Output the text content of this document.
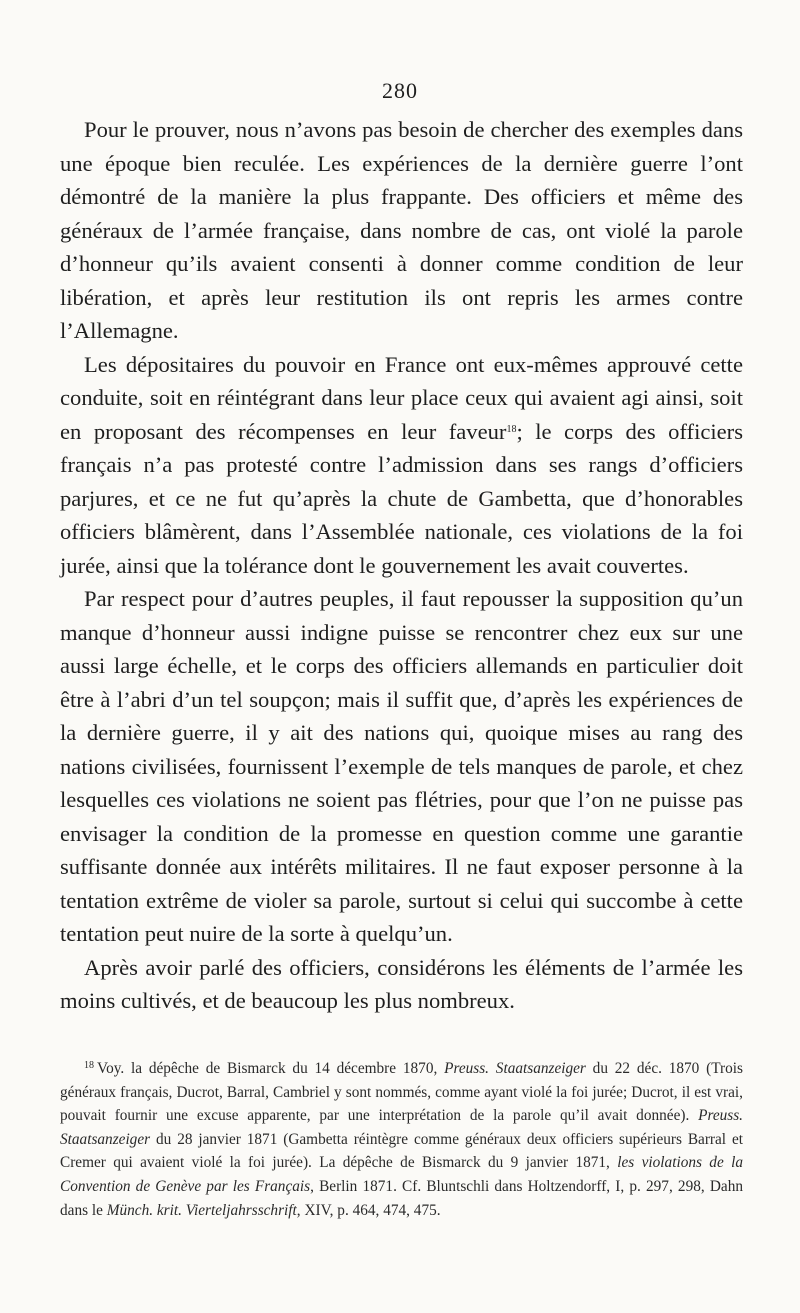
280

Pour le prouver, nous n’avons pas besoin de chercher des exemples dans une époque bien reculée. Les expériences de la dernière guerre l’ont démontré de la manière la plus frappante. Des officiers et même des généraux de l’armée française, dans nombre de cas, ont violé la parole d’honneur qu’ils avaient consenti à donner comme condition de leur libération, et après leur restitution ils ont repris les armes contre l’Allemagne.

Les dépositaires du pouvoir en France ont eux-mêmes approuvé cette conduite, soit en réintégrant dans leur place ceux qui avaient agi ainsi, soit en proposant des récompenses en leur faveur$^{18}$; le corps des officiers français n’a pas protesté contre l’admission dans ses rangs d’officiers parjures, et ce ne fut qu’après la chute de Gambetta, que d’honorables officiers blâmèrent, dans l’Assemblée nationale, ces violations de la foi jurée, ainsi que la tolérance dont le gouvernement les avait couvertes.

Par respect pour d’autres peuples, il faut repousser la supposition qu’un manque d’honneur aussi indigne puisse se rencontrer chez eux sur une aussi large échelle, et le corps des officiers allemands en particulier doit être à l’abri d’un tel soupçon; mais il suffit que, d’après les expériences de la dernière guerre, il y ait des nations qui, quoique mises au rang des nations civilisées, fournissent l’exemple de tels manques de parole, et chez lesquelles ces violations ne soient pas flétries, pour que l’on ne puisse pas envisager la condition de la promesse en question comme une garantie suffisante donnée aux intérêts militaires. Il ne faut exposer personne à la tentation extrême de violer sa parole, surtout si celui qui succombe à cette tentation peut nuire de la sorte à quelqu’un.

Après avoir parlé des officiers, considérons les éléments de l’armée les moins cultivés, et de beaucoup les plus nombreux.

$^{18}$ Voy. la dépêche de Bismarck du 14 décembre 1870, Preuss. Staatsanzeiger du 22 déc. 1870 (Trois généraux français, Ducrot, Barral, Cambriel y sont nommés, comme ayant violé la foi jurée; Ducrot, il est vrai, pouvait fournir une excuse apparente, par une interprétation de la parole qu’il avait donnée). Preuss. Staatsanzeiger du 28 janvier 1871 (Gambetta réintègre comme généraux deux officiers supérieurs Barral et Cremer qui avaient violé la foi jurée). La dépêche de Bismarck du 9 janvier 1871, les violations de la Convention de Genève par les Français, Berlin 1871. Cf. Bluntschli dans Holtzendorff, I, p. 297, 298, Dahn dans le Münch. krit. Vierteljahrsschrift, XIV, p. 464, 474, 475.
